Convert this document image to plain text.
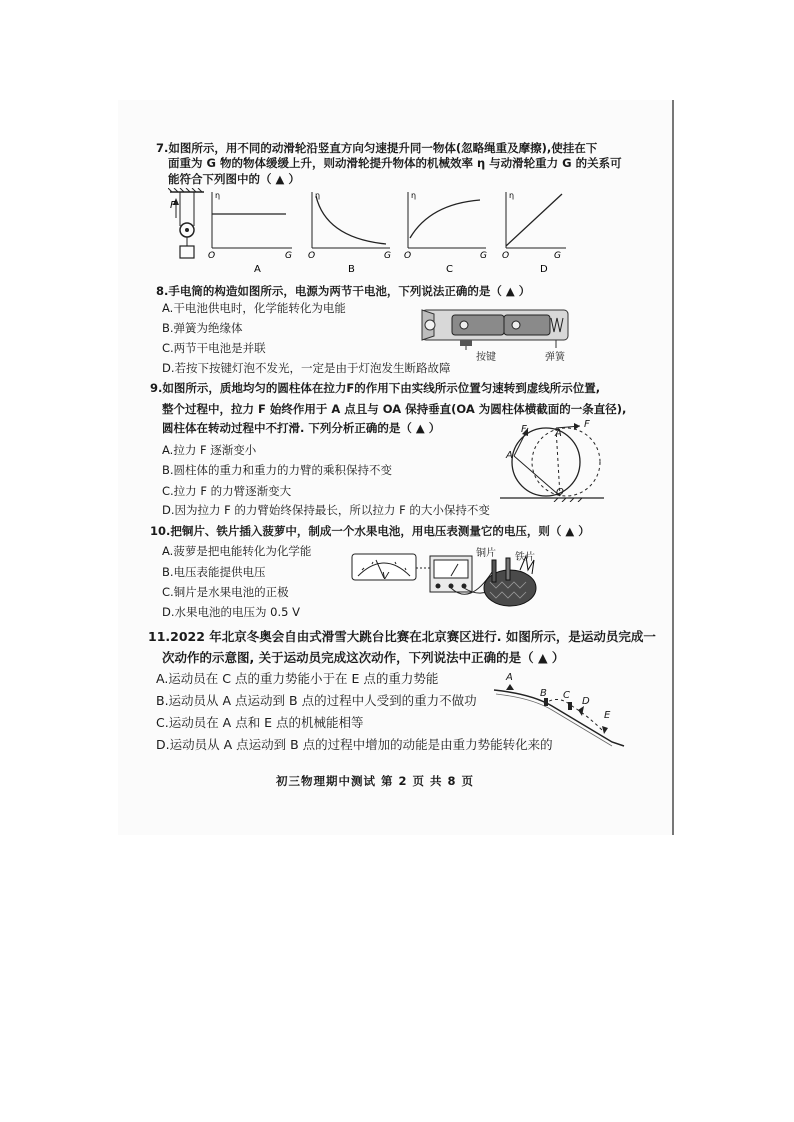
7.如图所示，用不同的动滑轮沿竖直方向匀速提升同一物体(忽略绳重及摩擦),使挂在下
面重为 G 物的物体缓缓上升，则动滑轮提升物体的机械效率 η 与动滑轮重力 G 的关系可
能符合下列图中的（ ▲ ）
F
η
O	G
η
O	G
η
O	G
η
O	G
A	B	C	D
8.手电筒的构造如图所示，电源为两节干电池，下列说法正确的是（ ▲ ）
A.干电池供电时，化学能转化为电能
B.弹簧为绝缘体
C.两节干电池是并联
D.若按下按键灯泡不发光，一定是由于灯泡发生断路故障
按键	弹簧
9.如图所示，质地均匀的圆柱体在拉力F的作用下由实线所示位置匀速转到虚线所示位置,
整个过程中，拉力 F 始终作用于 A 点且与 OA 保持垂直(OA 为圆柱体横截面的一条直径),
圆柱体在转动过程中不打滑. 下列分析正确的是（ ▲ ）
A.拉力 F 逐渐变小
B.圆柱体的重力和重力的力臂的乘积保持不变
C.拉力 F 的力臂逐渐变大
D.因为拉力 F 的力臂始终保持最长，所以拉力 F 的大小保持不变
F	F
A
A
O
10.把铜片、铁片插入菠萝中，制成一个水果电池，用电压表测量它的电压，则（ ▲ ）
A.菠萝是把电能转化为化学能
B.电压表能提供电压
C.铜片是水果电池的正极
D.水果电池的电压为 0.5 V
V
铜片 铁片
11.2022 年北京冬奥会自由式滑雪大跳台比赛在北京赛区进行. 如图所示，是运动员完成一
次动作的示意图, 关于运动员完成这次动作，下列说法中正确的是（ ▲ ）
A.运动员在 C 点的重力势能小于在 E 点的重力势能
B.运动员从 A 点运动到 B 点的过程中人受到的重力不做功
C.运动员在 A 点和 E 点的机械能相等
D.运动员从 A 点运动到 B 点的过程中增加的动能是由重力势能转化来的
A
B C
D
E
初三物理期中测试 第 2 页 共 8 页
